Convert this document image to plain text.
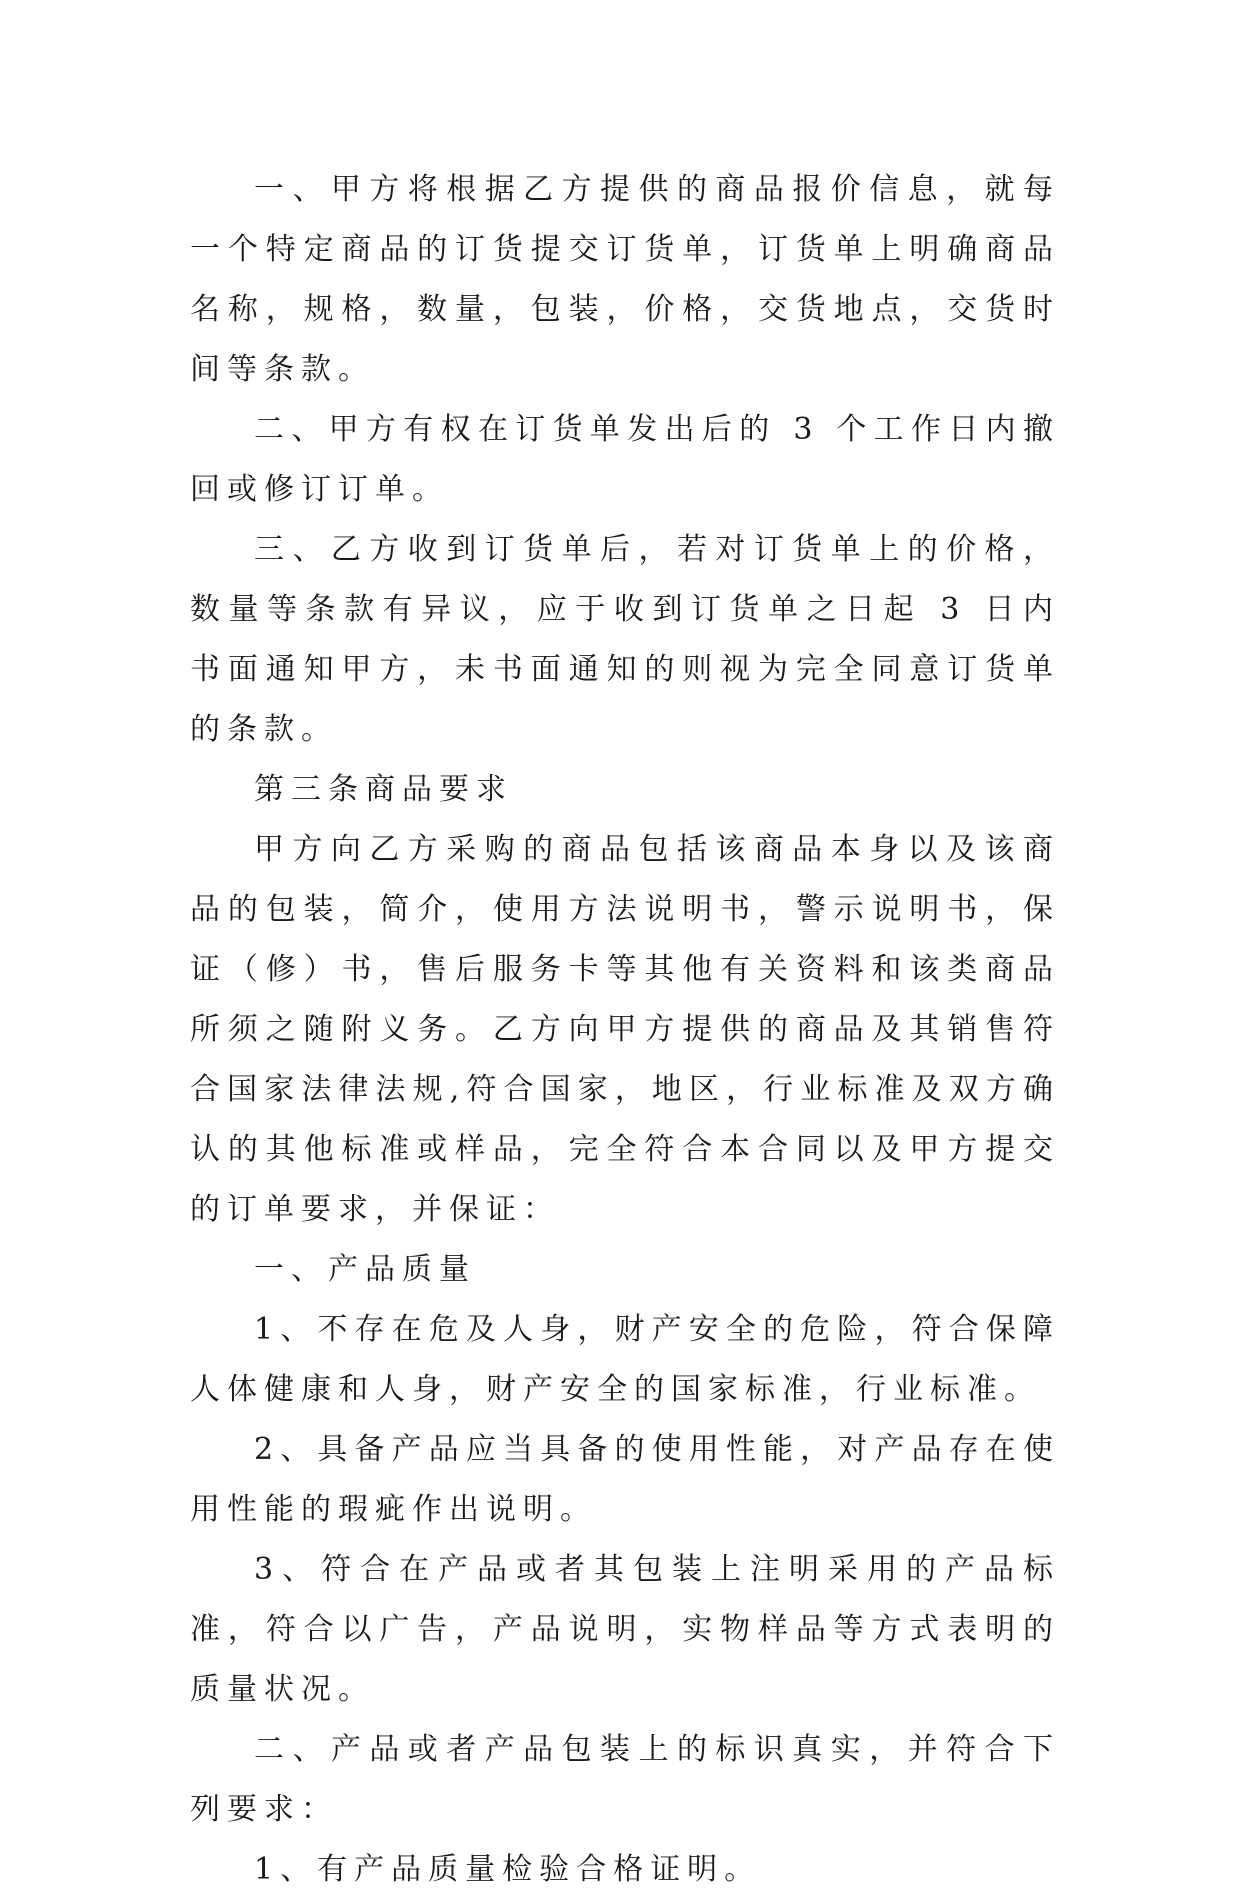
一、甲方将根据乙方提供的商品报价信息，就每一个特定商品的订货提交订货单，订货单上明确商品名称，规格，数量，包装，价格，交货地点，交货时间等条款。

二、甲方有权在订货单发出后的 3 个工作日内撤回或修订订单。

三、乙方收到订货单后，若对订货单上的价格，数量等条款有异议，应于收到订货单之日起 3 日内书面通知甲方，未书面通知的则视为完全同意订货单的条款。

第三条商品要求

甲方向乙方采购的商品包括该商品本身以及该商品的包装，简介，使用方法说明书，警示说明书，保证（修）书，售后服务卡等其他有关资料和该类商品所须之随附义务。乙方向甲方提供的商品及其销售符合国家法律法规,符合国家，地区，行业标准及双方确认的其他标准或样品，完全符合本合同以及甲方提交的订单要求，并保证：

一、产品质量

1、不存在危及人身，财产安全的危险，符合保障人体健康和人身，财产安全的国家标准，行业标准。

2、具备产品应当具备的使用性能，对产品存在使用性能的瑕疵作出说明。

3、符合在产品或者其包装上注明采用的产品标准，符合以广告，产品说明，实物样品等方式表明的质量状况。

二、产品或者产品包装上的标识真实，并符合下列要求：

1、有产品质量检验合格证明。
